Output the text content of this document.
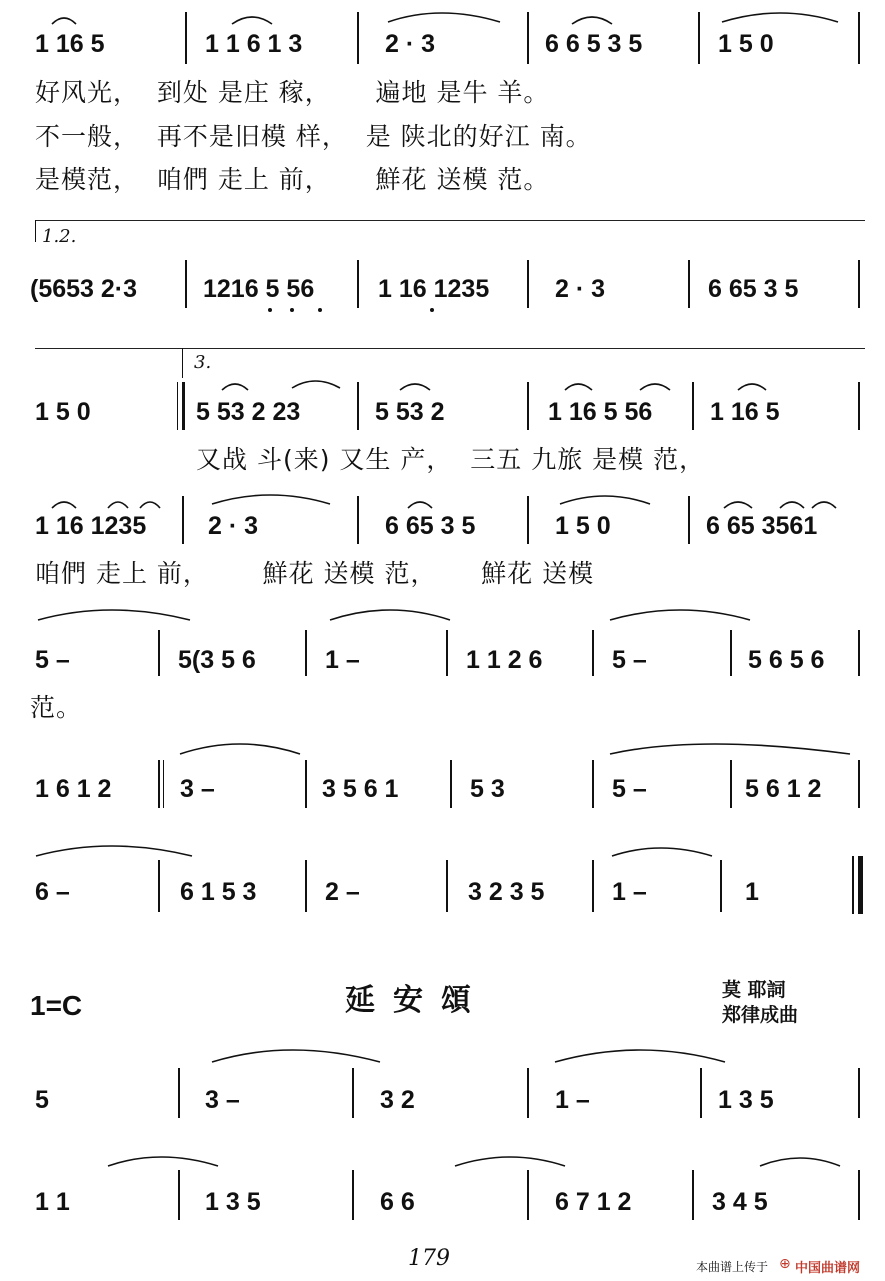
1 16 5	1 1 6 1 3	2 · 3	6 6 5 3 5	1 5 0
好风光，  到处 是庄 稼，     遍地 是牛 羊。
不一般，  再不是旧模 样，  是 陕北的好江 南。
是模范，  咱們 走上 前，     鮮花 送模 范。
1.2.
(5653 2·3	1216 5 56	1 16 1235	2 · 3	6 65 3 5
3.
1 5 0	5 53 2 23	5 53 2	1 16 5 56 1 16 5
又战 斗(来) 又生 产，  三五 九旅 是模 范，
1 16 1235 2 · 3	6 65 3 5	1 5 0	6 65 3561
咱們 走上 前，      鮮花 送模 范，     鮮花 送模
5 –	5(3 5 6	1 –	1 1 2 6	5 –	5 6 5 6
范。
1 6 1 2	3 –	3 5 6 1	5 3	5 –	5 6 1 2
6 –	6 1 5 3	2 –	3 2 3 5	1 –	1
1=C	延安頌	莫 耶詞
郑律成曲
5	3 –	3 2	1 –	1 3 5
1 1	1 3 5	6 6	6 7 1 2	3 4 5
179	本曲谱上传于 ⊕ 中国曲谱网
